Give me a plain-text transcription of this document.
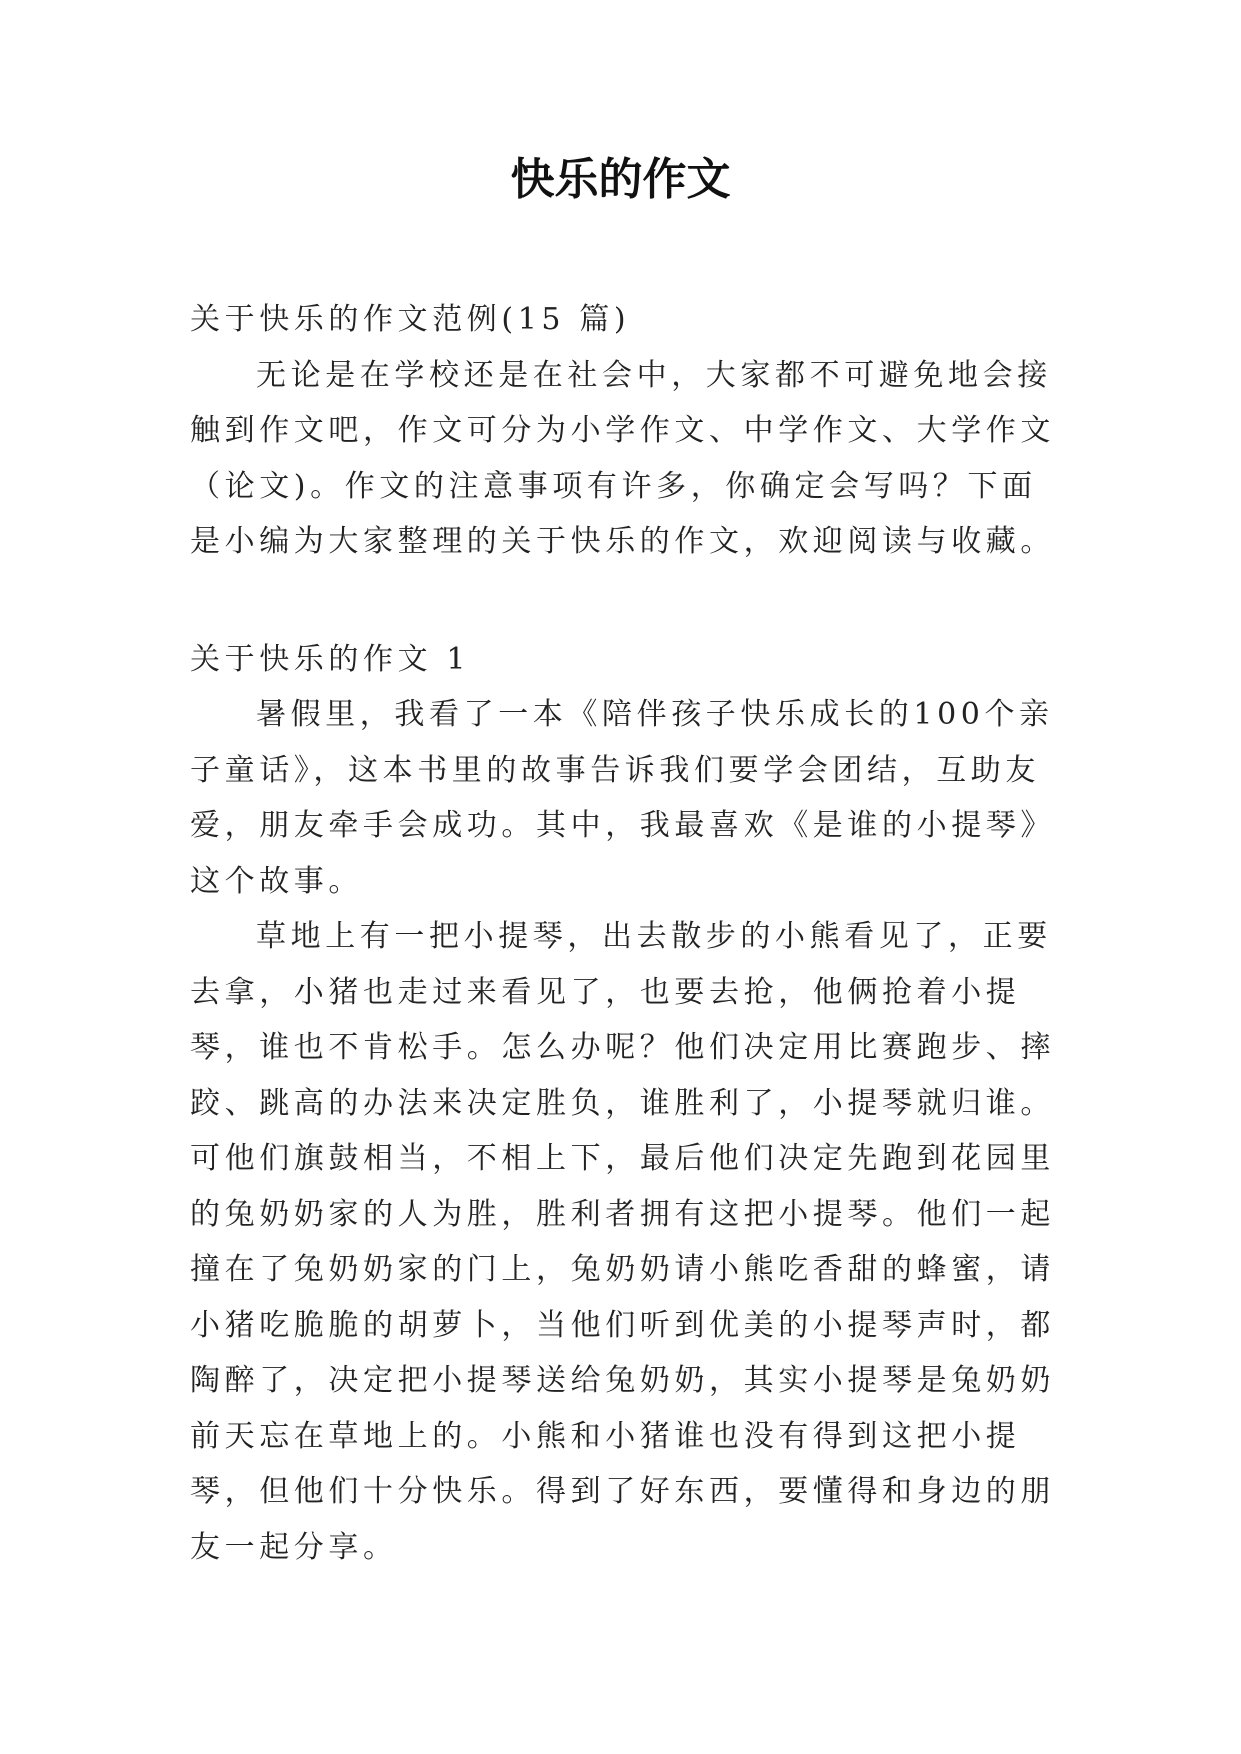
快乐的作文

关于快乐的作文范例(15 篇)

无论是在学校还是在社会中，大家都不可避免地会接触到作文吧，作文可分为小学作文、中学作文、大学作文（论文)。作文的注意事项有许多，你确定会写吗？下面是小编为大家整理的关于快乐的作文，欢迎阅读与收藏。

关于快乐的作文 1

暑假里，我看了一本《陪伴孩子快乐成长的100个亲子童话》，这本书里的故事告诉我们要学会团结，互助友爱，朋友牵手会成功。其中，我最喜欢《是谁的小提琴》这个故事。

草地上有一把小提琴，出去散步的小熊看见了，正要去拿，小猪也走过来看见了，也要去抢，他俩抢着小提琴，谁也不肯松手。怎么办呢？他们决定用比赛跑步、摔跤、跳高的办法来决定胜负，谁胜利了，小提琴就归谁。可他们旗鼓相当，不相上下，最后他们决定先跑到花园里的兔奶奶家的人为胜，胜利者拥有这把小提琴。他们一起撞在了兔奶奶家的门上，兔奶奶请小熊吃香甜的蜂蜜，请小猪吃脆脆的胡萝卜，当他们听到优美的小提琴声时，都陶醉了，决定把小提琴送给兔奶奶，其实小提琴是兔奶奶前天忘在草地上的。小熊和小猪谁也没有得到这把小提琴，但他们十分快乐。得到了好东西，要懂得和身边的朋友一起分享。
